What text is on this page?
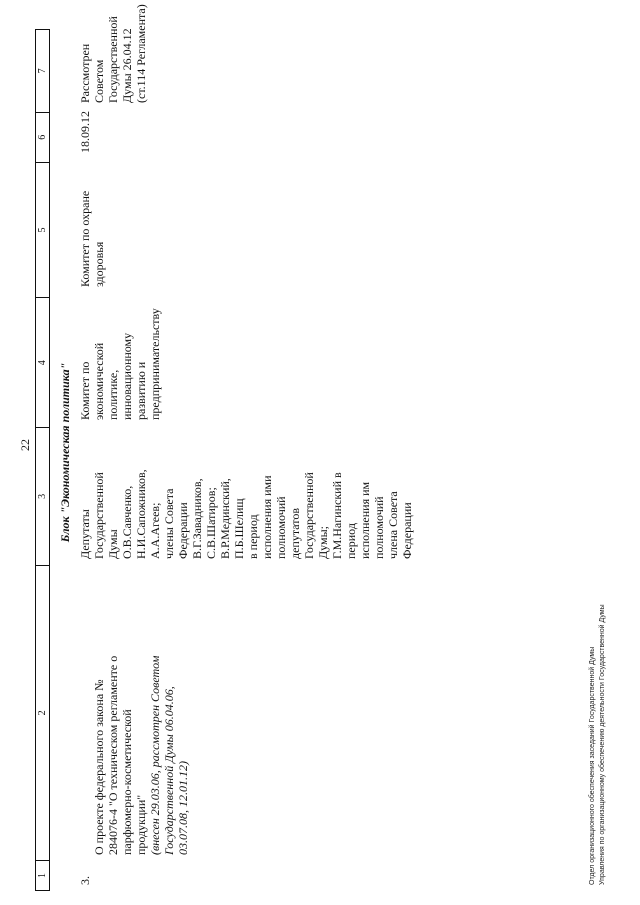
22
1
2
3
4
5
6
7
Блок "Экономическая политика"
3.

О проекте федерального закона № 284076-4 "О техническом регламенте о парфюмерно-косметической продукции"
(внесен 29.03.06, рассмотрен Советом Государственной Думы 06.04.06, 03.07.08, 12.01.12)

Депутаты
Государственной
Думы
О.В.Савченко,
Н.И.Сапожников,
А.А.Агеев;
члены Совета
Федерации
В.Г.Завадников,
С.В.Шатиров;
В.Р.Мединский,
П.Б.Шелищ
в период
исполнения ими
полномочий
депутатов
Государственной
Думы;
Г.М.Нагинский в
период
исполнения им
полномочий
члена Совета
Федерации
Комитет по
экономической
политике,
инновационному
развитию и
предпринимательству
Комитет по охране
здоровья
18.09.12
Рассмотрен
Советом
Государственной
Думы 26.04.12
(ст.114 Регламента)
Отдел организационного обеспечения заседаний Государственной Думы Управления по организационному обеспечению деятельности Государственной Думы
